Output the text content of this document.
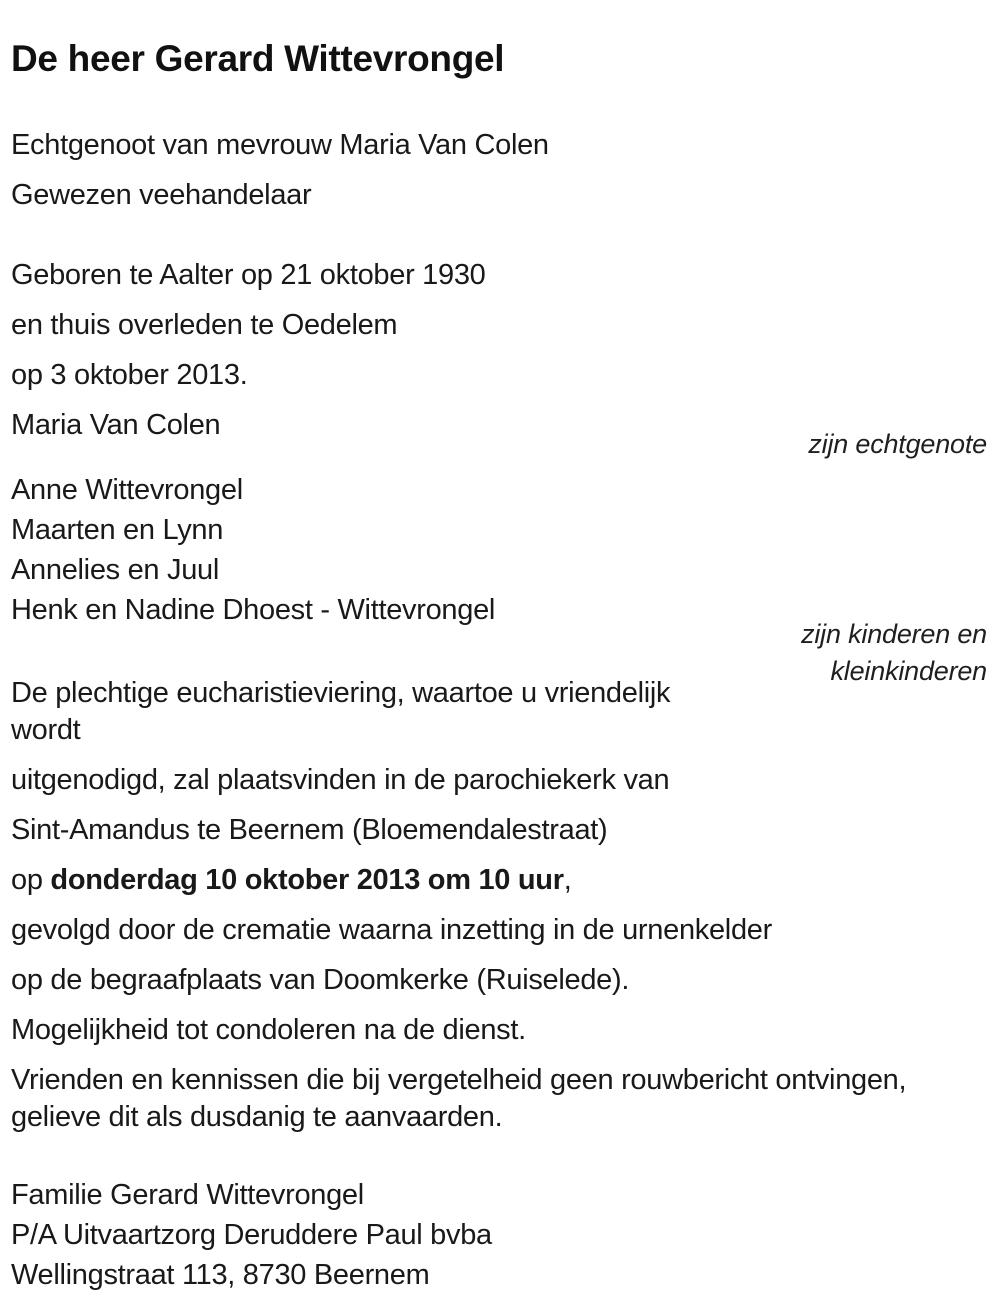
De heer Gerard Wittevrongel
Echtgenoot van mevrouw Maria Van Colen
Gewezen veehandelaar
Geboren te Aalter op 21 oktober 1930
en thuis overleden te Oedelem
op 3 oktober 2013.
Maria Van Colen
zijn echtgenote
Anne Wittevrongel
Maarten en Lynn
Annelies en Juul
Henk en Nadine Dhoest - Wittevrongel
zijn kinderen en
kleinkinderen

De plechtige eucharistieviering, waartoe u vriendelijk
wordt

uitgenodigd, zal plaatsvinden in de parochiekerk van

Sint-Amandus te Beernem (Bloemendalestraat)

op donderdag 10 oktober 2013 om 10 uur,

gevolgd door de crematie waarna inzetting in de urnenkelder

op de begraafplaats van Doomkerke (Ruiselede).

Mogelijkheid tot condoleren na de dienst.

Vrienden en kennissen die bij vergetelheid geen rouwbericht ontvingen,
gelieve dit als dusdanig te aanvaarden.

Familie Gerard Wittevrongel
P/A Uitvaartzorg Deruddere Paul bvba
Wellingstraat 113, 8730 Beernem
